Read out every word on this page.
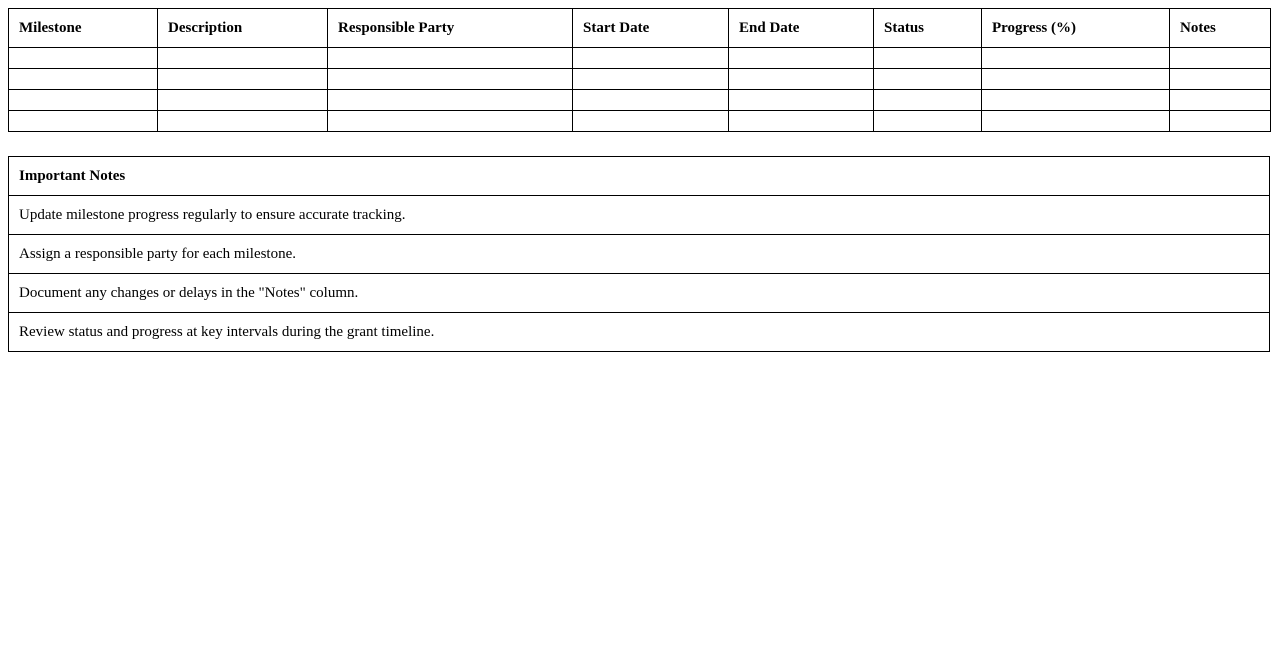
Milestone	Description	Responsible Party	Start Date	End Date	Status	Progress (%)	Notes

Important Notes
Update milestone progress regularly to ensure accurate tracking.
Assign a responsible party for each milestone.
Document any changes or delays in the "Notes" column.
Review status and progress at key intervals during the grant timeline.
